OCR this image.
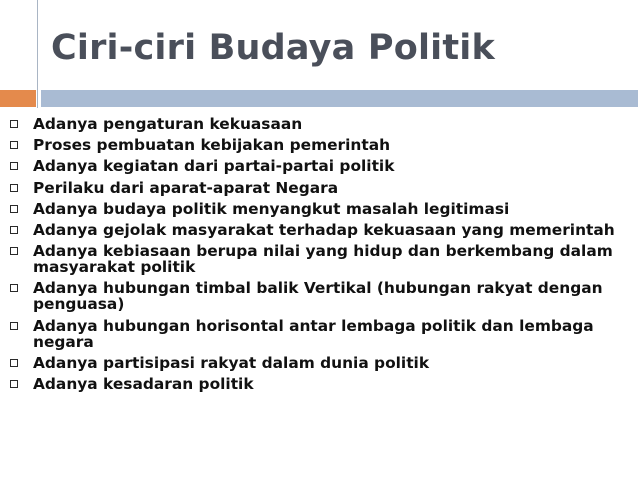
Ciri-ciri Budaya Politik
Adanya pengaturan kekuasaan
Proses pembuatan kebijakan pemerintah
Adanya kegiatan dari partai-partai politik
Perilaku dari aparat-aparat Negara
Adanya budaya politik menyangkut masalah legitimasi
Adanya gejolak masyarakat terhadap kekuasaan yang memerintah
Adanya kebiasaan berupa nilai yang hidup dan berkembang dalam masyarakat politik
Adanya hubungan timbal balik Vertikal (hubungan rakyat dengan penguasa)
Adanya hubungan horisontal antar lembaga politik dan lembaga negara
Adanya partisipasi rakyat dalam dunia politik
Adanya kesadaran politik
